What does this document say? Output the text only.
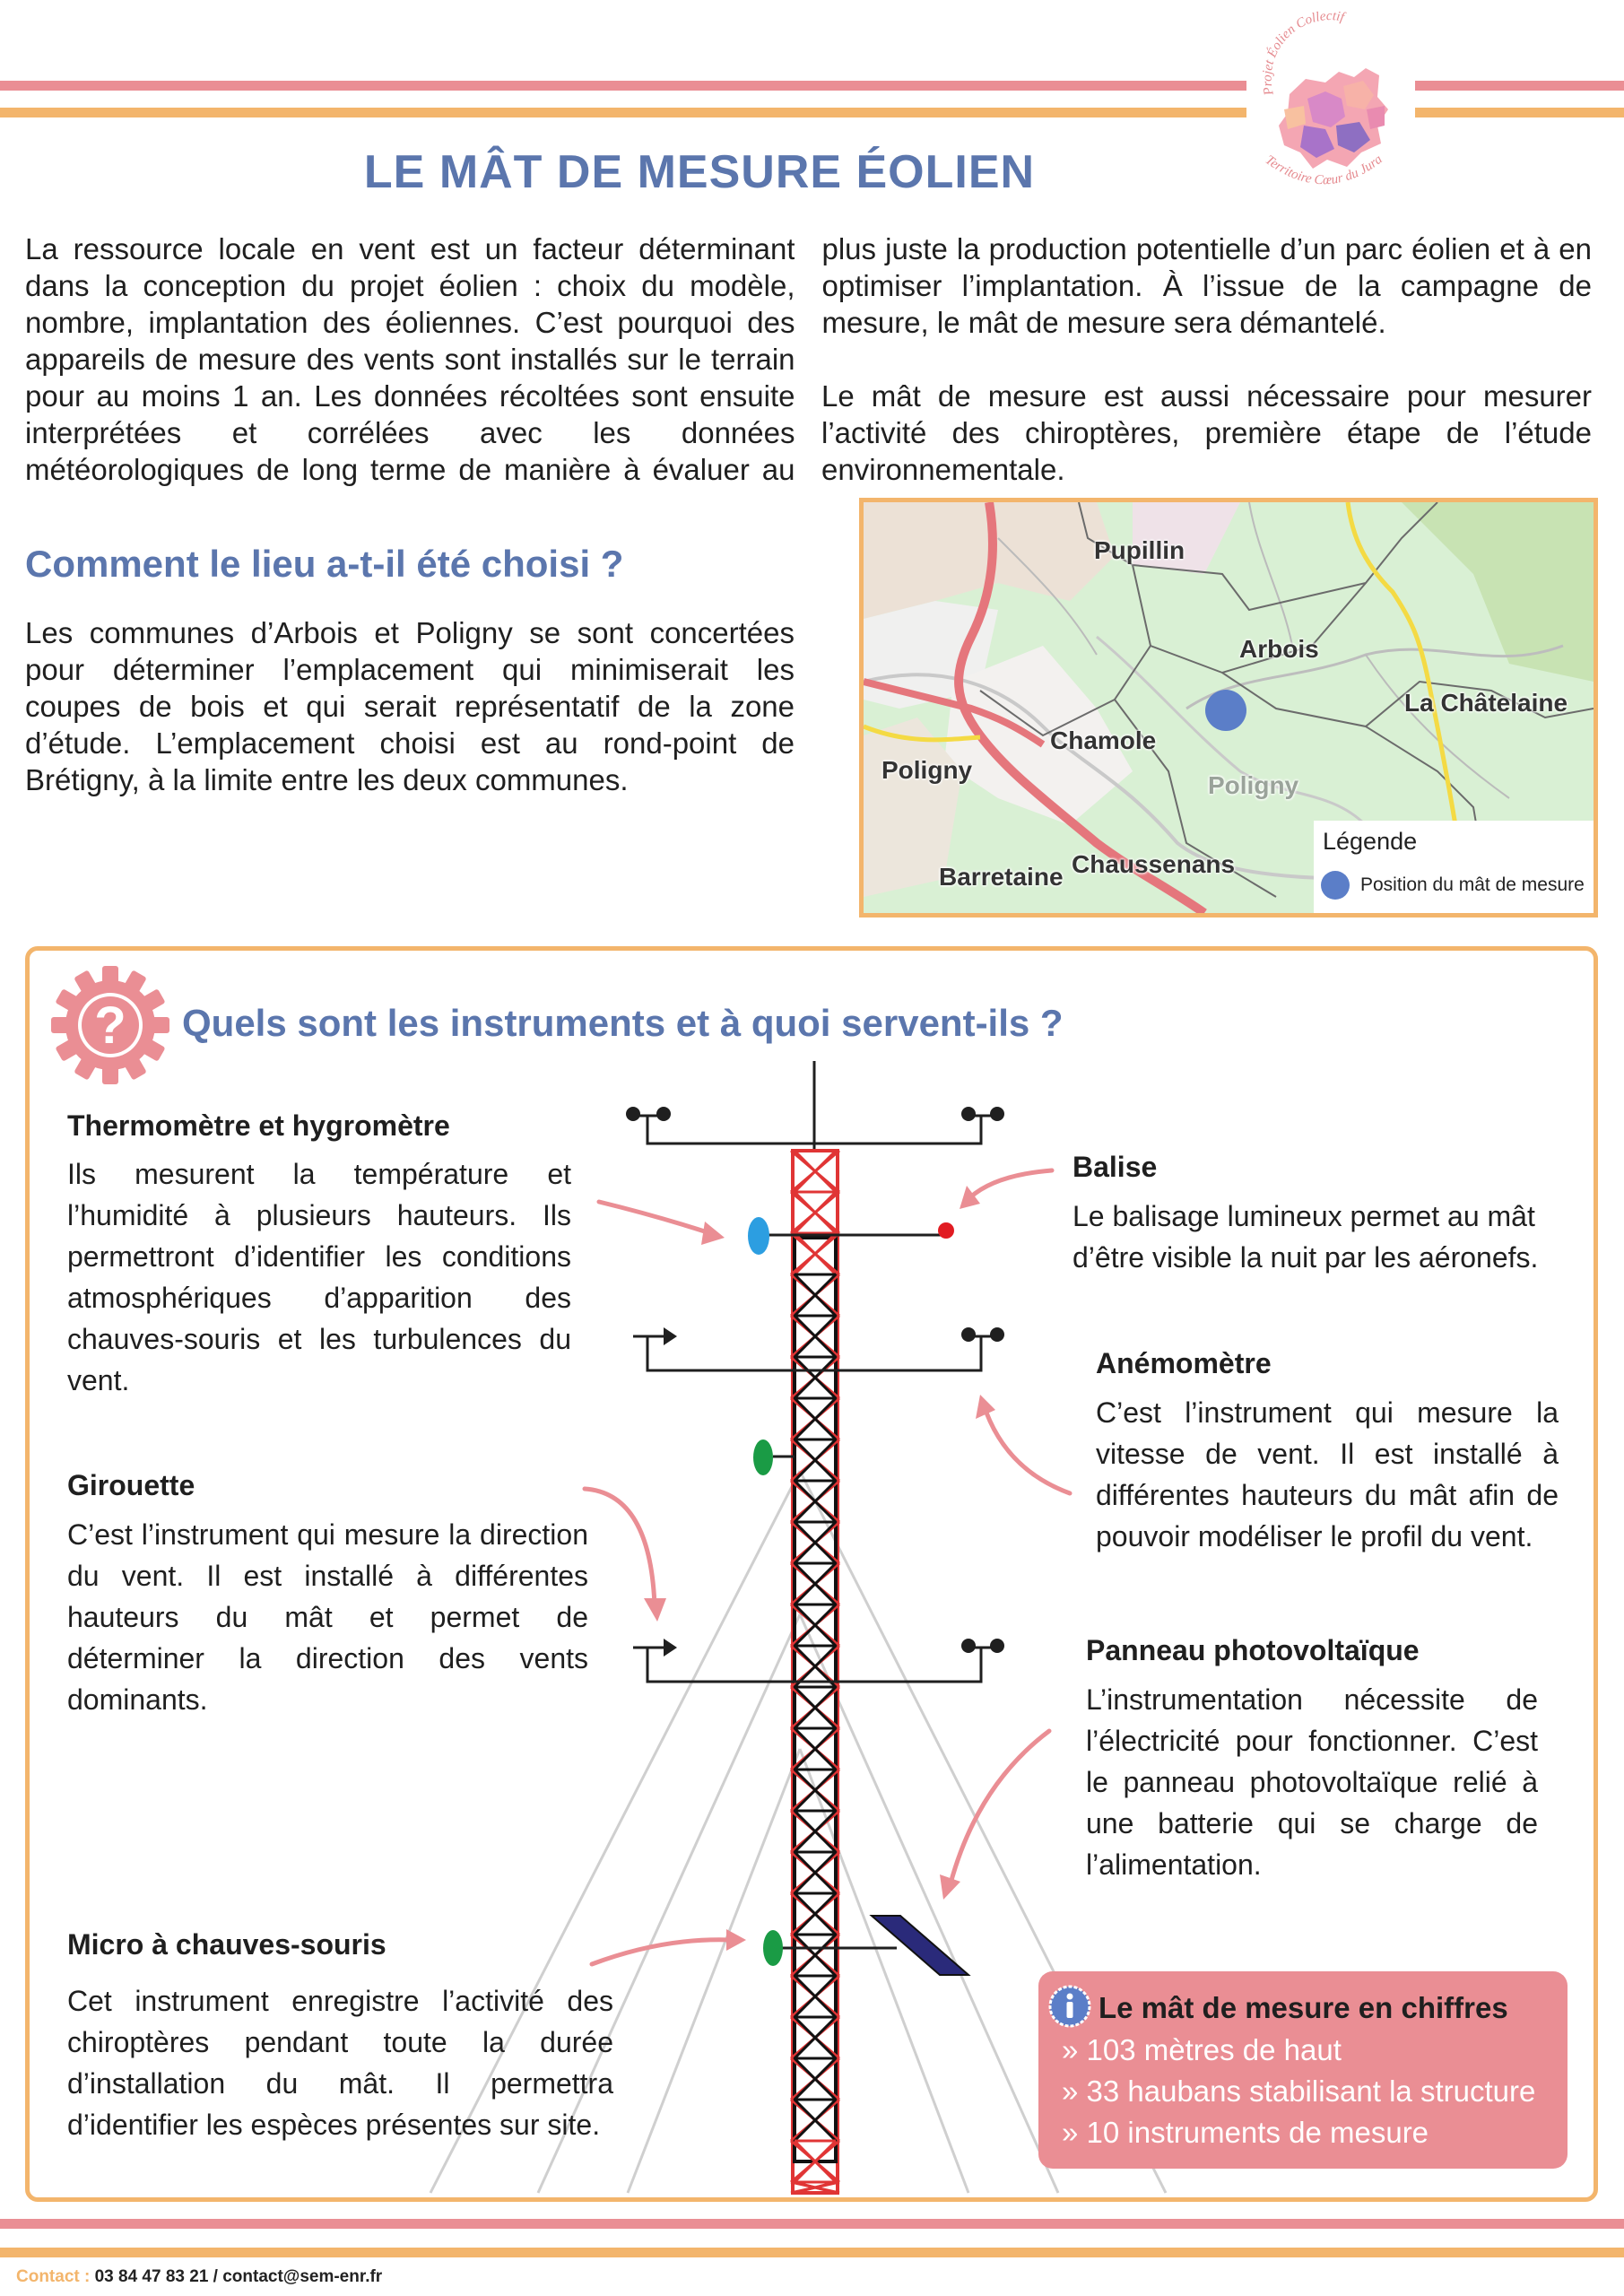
Projet Éolien Collectif
Territoire Cœur du Jura
LE MÂT DE MESURE ÉOLIEN

La ressource locale en vent est un facteur déterminant dans la conception du projet éolien : choix du modèle, nombre, implantation des éoliennes. C’est pourquoi des appareils de mesure des vents sont installés sur le terrain pour au moins 1 an. Les données récoltées sont ensuite interprétées et corrélées avec les données météorologiques de long terme de manière à évaluer au

plus juste la production potentielle d’un parc éolien et à en optimiser l’implantation. À l’issue de la campagne de mesure, le mât de mesure sera démantelé.

Le mât de mesure est aussi nécessaire pour mesurer l’activité des chiroptères, première étape de l’étude environnementale.

Comment le lieu a-t-il été choisi ?
Les communes d’Arbois et Poligny se sont concertées pour déterminer l’emplacement qui minimiserait les coupes de bois et qui serait représentatif de la zone d’étude. L’emplacement choisi est au rond-point de Brétigny, à la limite entre les deux communes.
Pupillin
Arbois
La Châtelaine
Chamole
Poligny
Poligny
Chaussenans
Barretaine
Légende
Position du mât de mesure
? Quels sont les instruments et à quoi servent-ils ?
Thermomètre et hygromètre
Ils mesurent la température et l’humidité à plusieurs hauteurs. Ils permettront d’identifier les conditions atmosphériques d’apparition des chauves-souris et les turbulences du vent.
Girouette
C’est l’instrument qui mesure la direction du vent. Il est installé à différentes hauteurs du mât et permet de déterminer la direction des vents dominants.
Micro à chauves-souris
Cet instrument enregistre l’activité des chiroptères pendant toute la durée d’installation du mât. Il permettra d’identifier les espèces présentes sur site.
Balise
Le balisage lumineux permet au mât d’être visible la nuit par les aéronefs.
Anémomètre
C’est l’instrument qui mesure la vitesse de vent. Il est installé à différentes hauteurs du mât afin de pouvoir modéliser le profil du vent.
Panneau photovoltaïque
L’instrumentation nécessite de l’électricité pour fonctionner. C’est le panneau photovoltaïque relié à une batterie qui se charge de l’alimentation.
Le mât de mesure en chiffres
» 103 mètres de haut
» 33 haubans stabilisant la structure
» 10 instruments de mesure
Contact : 03 84 47 83 21 / contact@sem-enr.fr
